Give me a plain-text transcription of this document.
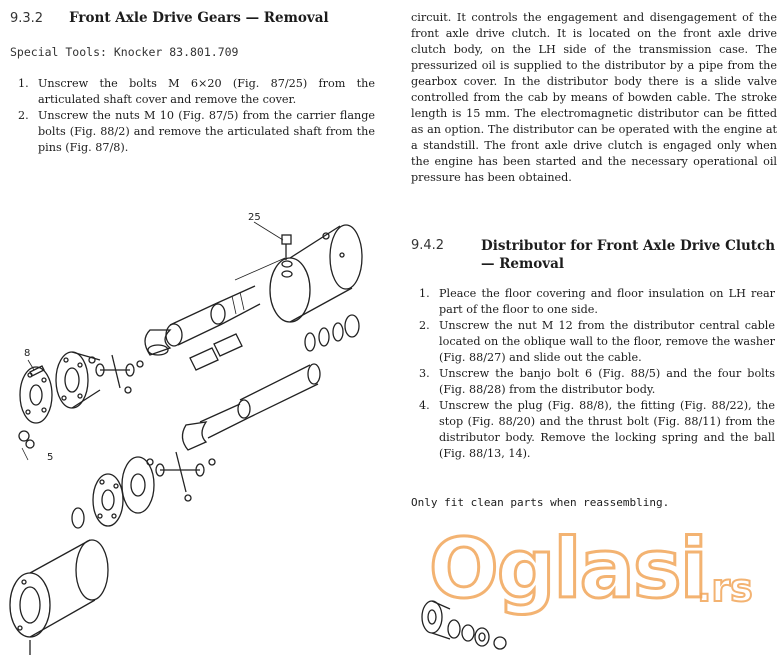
9.3.2 Front Axle Drive Gears — Removal
Special Tools: Knocker 83.801.709
1. Unscrew the bolts M 6×20 (Fig. 87/25) from the articulated shaft cover and remove the cover.
2. Unscrew the nuts M 10 (Fig. 87/5) from the carrier flange bolts (Fig. 88/2) and remove the articulated shaft from the pins (Fig. 87/8).
25
8
5
circuit. It controls the engagement and disengagement of the front axle drive clutch. It is located on the front axle drive clutch body, on the LH side of the transmission case. The pressurized oil is supplied to the distributor by a pipe from the gearbox cover. In the distributor body there is a slide valve controlled from the cab by means of bowden cable. The stroke length is 15 mm. The electromagnetic distributor can be fitted as an option. The distributor can be operated with the engine at a standstill. The front axle drive clutch is engaged only when the engine has been started and the necessary operational oil pressure has been obtained.
9.4.2	Distributor for Front Axle Drive Clutch
— Removal
1. Pleace the floor covering and floor insulation on LH rear part of the floor to one side.
2. Unscrew the nut M 12 from the distributor central cable located on the oblique wall to the floor, remove the washer (Fig. 88/27) and slide out the cable.
3. Unscrew the banjo bolt 6 (Fig. 88/5) and the four bolts (Fig. 88/28) from the distributor body.
4. Unscrew the plug (Fig. 88/8), the fitting (Fig. 88/22), the stop (Fig. 88/20) and the thrust bolt (Fig. 88/11) from the distributor body. Remove the locking spring and the ball (Fig. 88/13, 14).
Only fit clean parts when reassembling.
Oglasi
.rs
